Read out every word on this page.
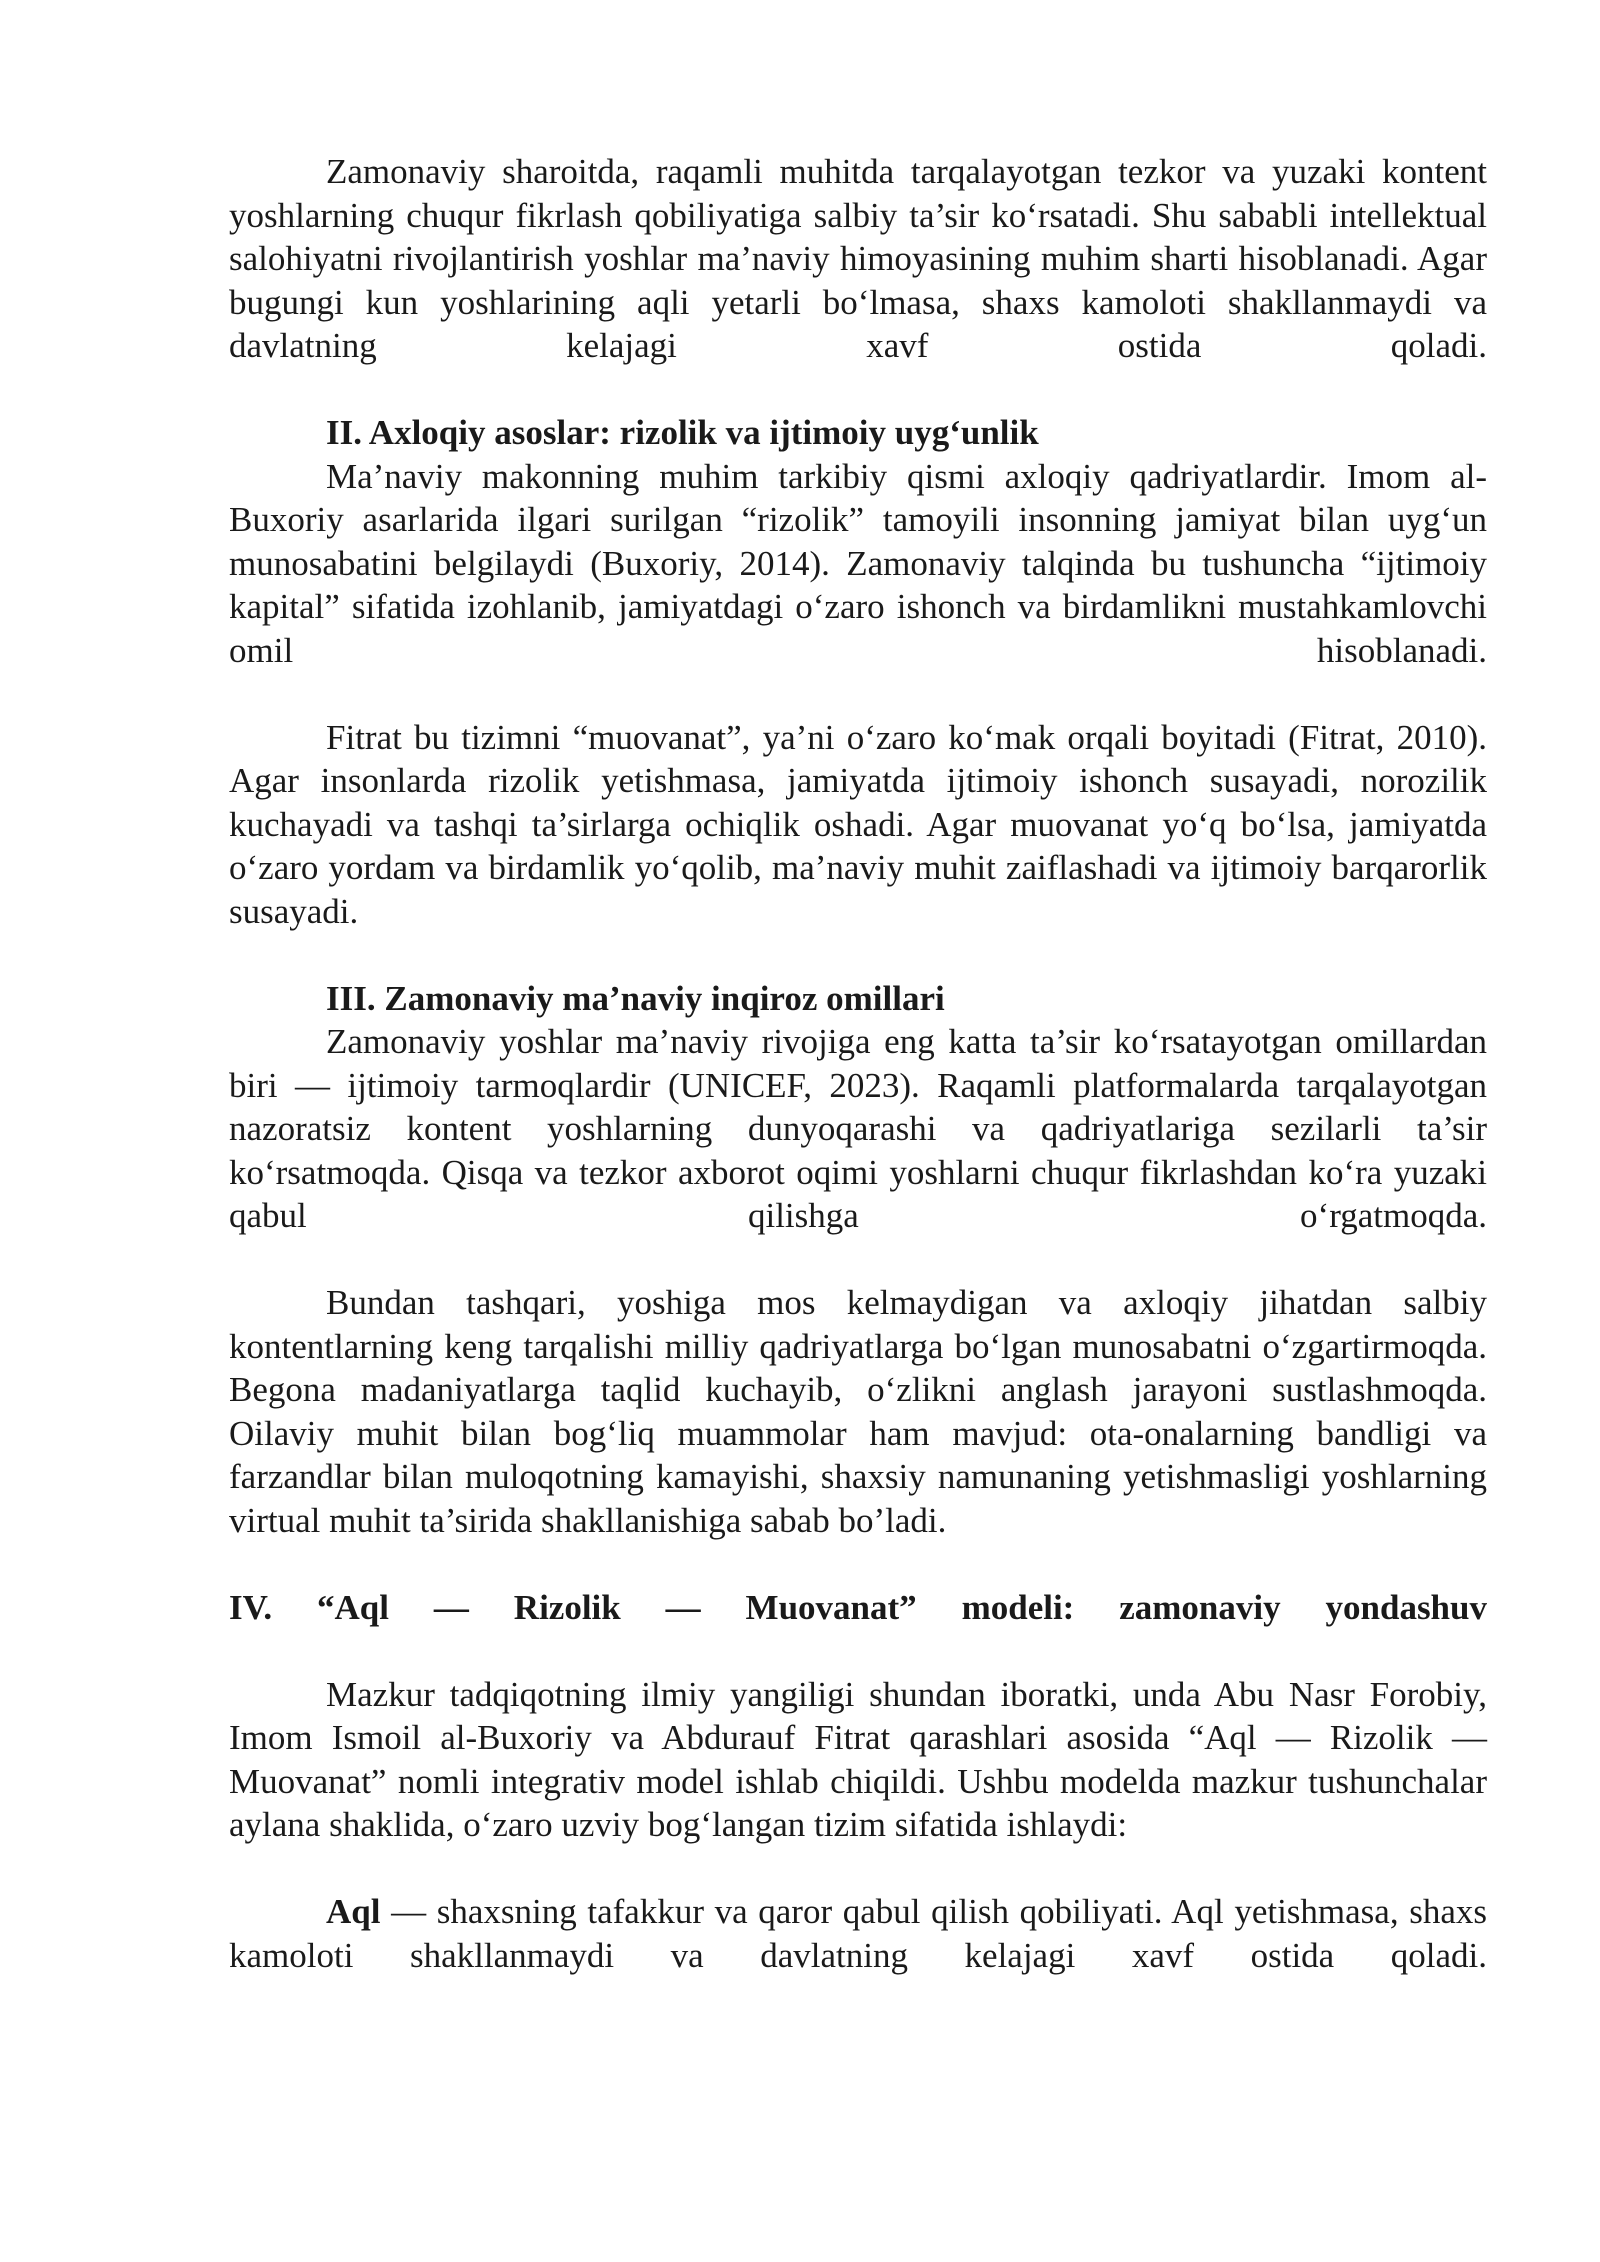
Zamonaviy sharoitda, raqamli muhitda tarqalayotgan tezkor va yuzaki kontent yoshlarning chuqur fikrlash qobiliyatiga salbiy ta’sir ko‘rsatadi. Shu sababli intellektual salohiyatni rivojlantirish yoshlar ma’naviy himoyasining muhim sharti hisoblanadi. Agar bugungi kun yoshlarining aqli yetarli bo‘lmasa, shaxs kamoloti shakllanmaydi va davlatning kelajagi xavf ostida qoladi.

II. Axloqiy asoslar: rizolik va ijtimoiy uyg‘unlik

Ma’naviy makonning muhim tarkibiy qismi axloqiy qadriyatlardir. Imom al-Buxoriy asarlarida ilgari surilgan “rizolik” tamoyili insonning jamiyat bilan uyg‘un munosabatini belgilaydi (Buxoriy, 2014). Zamonaviy talqinda bu tushuncha “ijtimoiy kapital” sifatida izohlanib, jamiyatdagi o‘zaro ishonch va birdamlikni mustahkamlovchi omil hisoblanadi.

Fitrat bu tizimni “muovanat”, ya’ni o‘zaro ko‘mak orqali boyitadi (Fitrat, 2010). Agar insonlarda rizolik yetishmasa, jamiyatda ijtimoiy ishonch susayadi, norozilik kuchayadi va tashqi ta’sirlarga ochiqlik oshadi. Agar muovanat yo‘q bo‘lsa, jamiyatda o‘zaro yordam va birdamlik yo‘qolib, ma’naviy muhit zaiflashadi va ijtimoiy barqarorlik susayadi.

III. Zamonaviy ma’naviy inqiroz omillari

Zamonaviy yoshlar ma’naviy rivojiga eng katta ta’sir ko‘rsatayotgan omillardan biri — ijtimoiy tarmoqlardir (UNICEF, 2023). Raqamli platformalarda tarqalayotgan nazoratsiz kontent yoshlarning dunyoqarashi va qadriyatlariga sezilarli ta’sir ko‘rsatmoqda. Qisqa va tezkor axborot oqimi yoshlarni chuqur fikrlashdan ko‘ra yuzaki qabul qilishga o‘rgatmoqda.

Bundan tashqari, yoshiga mos kelmaydigan va axloqiy jihatdan salbiy kontentlarning keng tarqalishi milliy qadriyatlarga bo‘lgan munosabatni o‘zgartirmoqda. Begona madaniyatlarga taqlid kuchayib, o‘zlikni anglash jarayoni sustlashmoqda. Oilaviy muhit bilan bog‘liq muammolar ham mavjud: ota-onalarning bandligi va farzandlar bilan muloqotning kamayishi, shaxsiy namunaning yetishmasligi yoshlarning virtual muhit ta’sirida shakllanishiga sabab bo’ladi.

IV. “Aql — Rizolik — Muovanat” modeli: zamonaviy yondashuv

Mazkur tadqiqotning ilmiy yangiligi shundan iboratki, unda Abu Nasr Forobiy, Imom Ismoil al-Buxoriy va Abdurauf Fitrat qarashlari asosida “Aql — Rizolik — Muovanat” nomli integrativ model ishlab chiqildi. Ushbu modelda mazkur tushunchalar aylana shaklida, o‘zaro uzviy bog‘langan tizim sifatida ishlaydi:

Aql — shaxsning tafakkur va qaror qabul qilish qobiliyati. Aql yetishmasa, shaxs kamoloti shakllanmaydi va davlatning kelajagi xavf ostida qoladi.
